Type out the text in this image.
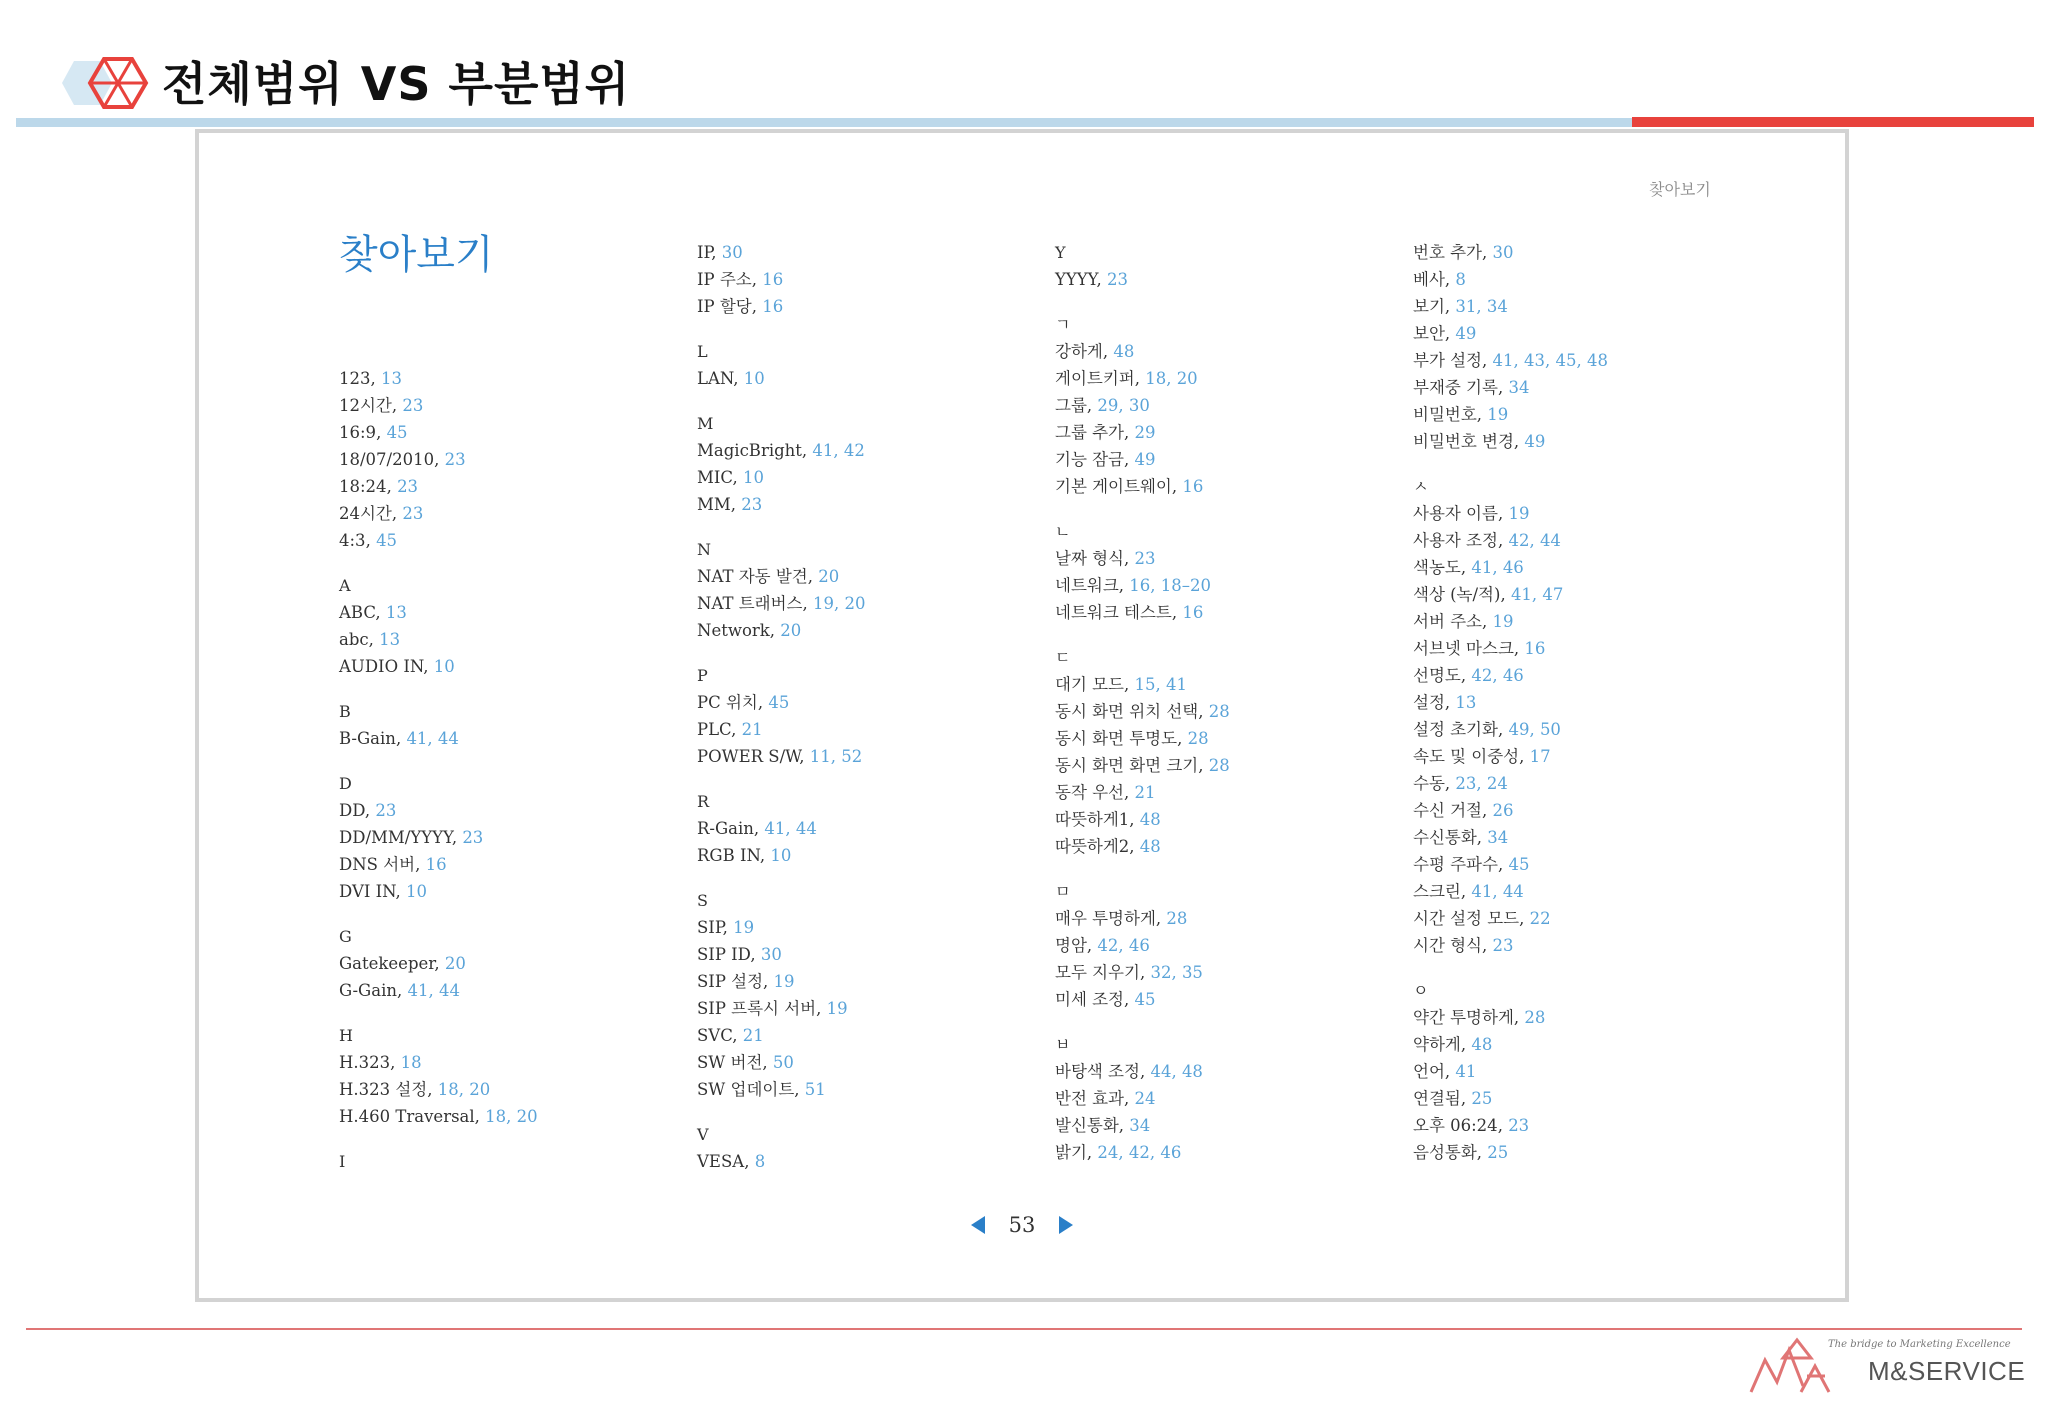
전체범위 VS 부분범위
찾아보기
찾아보기
123, 13
12시간, 23
16:9, 45
18/07/2010, 23
18:24, 23
24시간, 23
4:3, 45
A
ABC, 13
abc, 13
AUDIO IN, 10
B
B-Gain, 41, 44
D
DD, 23
DD/MM/YYYY, 23
DNS 서버, 16
DVI IN, 10
G
Gatekeeper, 20
G-Gain, 41, 44
H
H.323, 18
H.323 설정, 18, 20
H.460 Traversal, 18, 20
I
IP, 30
IP 주소, 16
IP 할당, 16
L
LAN, 10
M
MagicBright, 41, 42
MIC, 10
MM, 23
N
NAT 자동 발견, 20
NAT 트래버스, 19, 20
Network, 20
P
PC 위치, 45
PLC, 21
POWER S/W, 11, 52
R
R-Gain, 41, 44
RGB IN, 10
S
SIP, 19
SIP ID, 30
SIP 설정, 19
SIP 프록시 서버, 19
SVC, 21
SW 버전, 50
SW 업데이트, 51
V
VESA, 8
Y
YYYY, 23
ㄱ
강하게, 48
게이트키퍼, 18, 20
그룹, 29, 30
그룹 추가, 29
기능 잠금, 49
기본 게이트웨이, 16
ㄴ
날짜 형식, 23
네트워크, 16, 18–20
네트워크 테스트, 16
ㄷ
대기 모드, 15, 41
동시 화면 위치 선택, 28
동시 화면 투명도, 28
동시 화면 화면 크기, 28
동작 우선, 21
따뜻하게1, 48
따뜻하게2, 48
ㅁ
매우 투명하게, 28
명암, 42, 46
모두 지우기, 32, 35
미세 조정, 45
ㅂ
바탕색 조정, 44, 48
반전 효과, 24
발신통화, 34
밝기, 24, 42, 46
번호 추가, 30
베사, 8
보기, 31, 34
보안, 49
부가 설정, 41, 43, 45, 48
부재중 기록, 34
비밀번호, 19
비밀번호 변경, 49
ㅅ
사용자 이름, 19
사용자 조정, 42, 44
색농도, 41, 46
색상 (녹/적), 41, 47
서버 주소, 19
서브넷 마스크, 16
선명도, 42, 46
설정, 13
설정 초기화, 49, 50
속도 및 이중성, 17
수동, 23, 24
수신 거절, 26
수신통화, 34
수평 주파수, 45
스크린, 41, 44
시간 설정 모드, 22
시간 형식, 23
ㅇ
약간 투명하게, 28
약하게, 48
언어, 41
연결됨, 25
오후 06:24, 23
음성통화, 25
53
The bridge to Marketing Excellence
M&SERVICE
